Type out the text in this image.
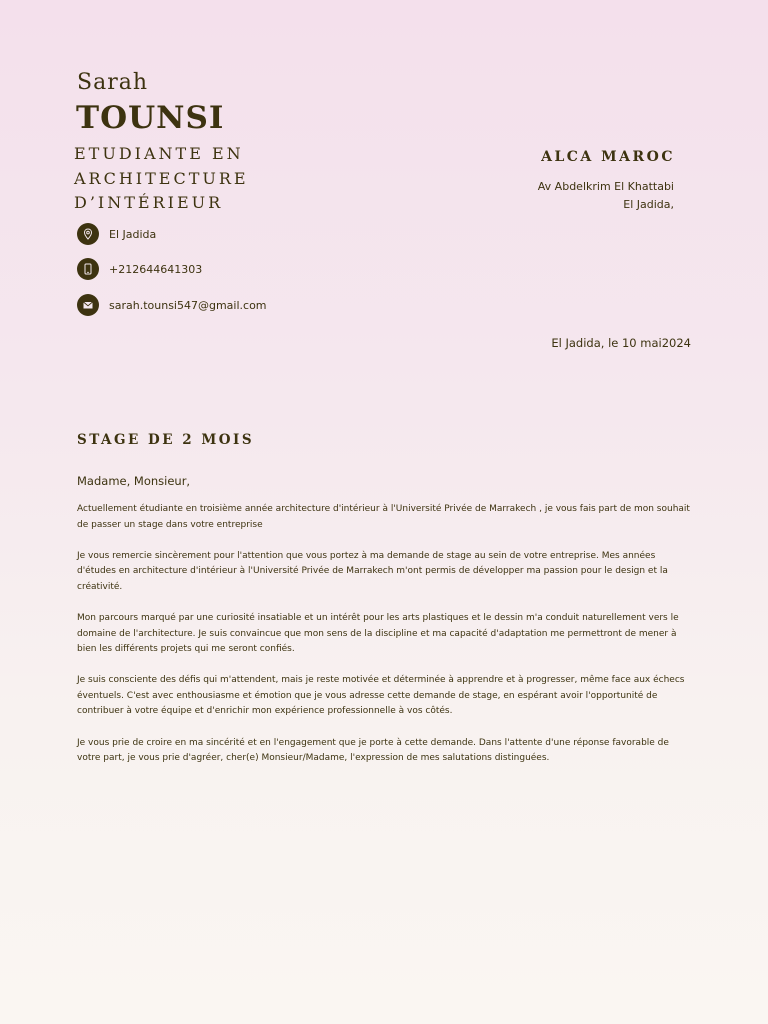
Sarah
TOUNSI
ETUDIANTE EN
ARCHITECTURE
D’INTÉRIEUR
El Jadida
+212644641303
sarah.tounsi547@gmail.com
ALCA MAROC
Av Abdelkrim El Khattabi
El Jadida,
El Jadida, le 10 mai2024
STAGE DE 2 MOIS
Madame, Monsieur,

Actuellement étudiante en troisième année architecture d'intérieur à l'Université Privée de Marrakech , je vous fais part de mon souhait de passer un stage dans votre entreprise

Je vous remercie sincèrement pour l'attention que vous portez à ma demande de stage au sein de votre entreprise. Mes années d'études en architecture d'intérieur à l'Université Privée de Marrakech m'ont permis de développer ma passion pour le design et la créativité.

Mon parcours marqué par une curiosité insatiable et un intérêt pour les arts plastiques et le dessin m'a conduit naturellement vers le domaine de l'architecture. Je suis convaincue que mon sens de la discipline et ma capacité d'adaptation me permettront de mener à bien les différents projets qui me seront confiés.

Je suis consciente des défis qui m'attendent, mais je reste motivée et déterminée à apprendre et à progresser, même face aux échecs éventuels. C'est avec enthousiasme et émotion que je vous adresse cette demande de stage, en espérant avoir l'opportunité de contribuer à votre équipe et d'enrichir mon expérience professionnelle à vos côtés.

Je vous prie de croire en ma sincérité et en l'engagement que je porte à cette demande. Dans l'attente d'une réponse favorable de votre part, je vous prie d'agréer, cher(e) Monsieur/Madame, l'expression de mes salutations distinguées.
